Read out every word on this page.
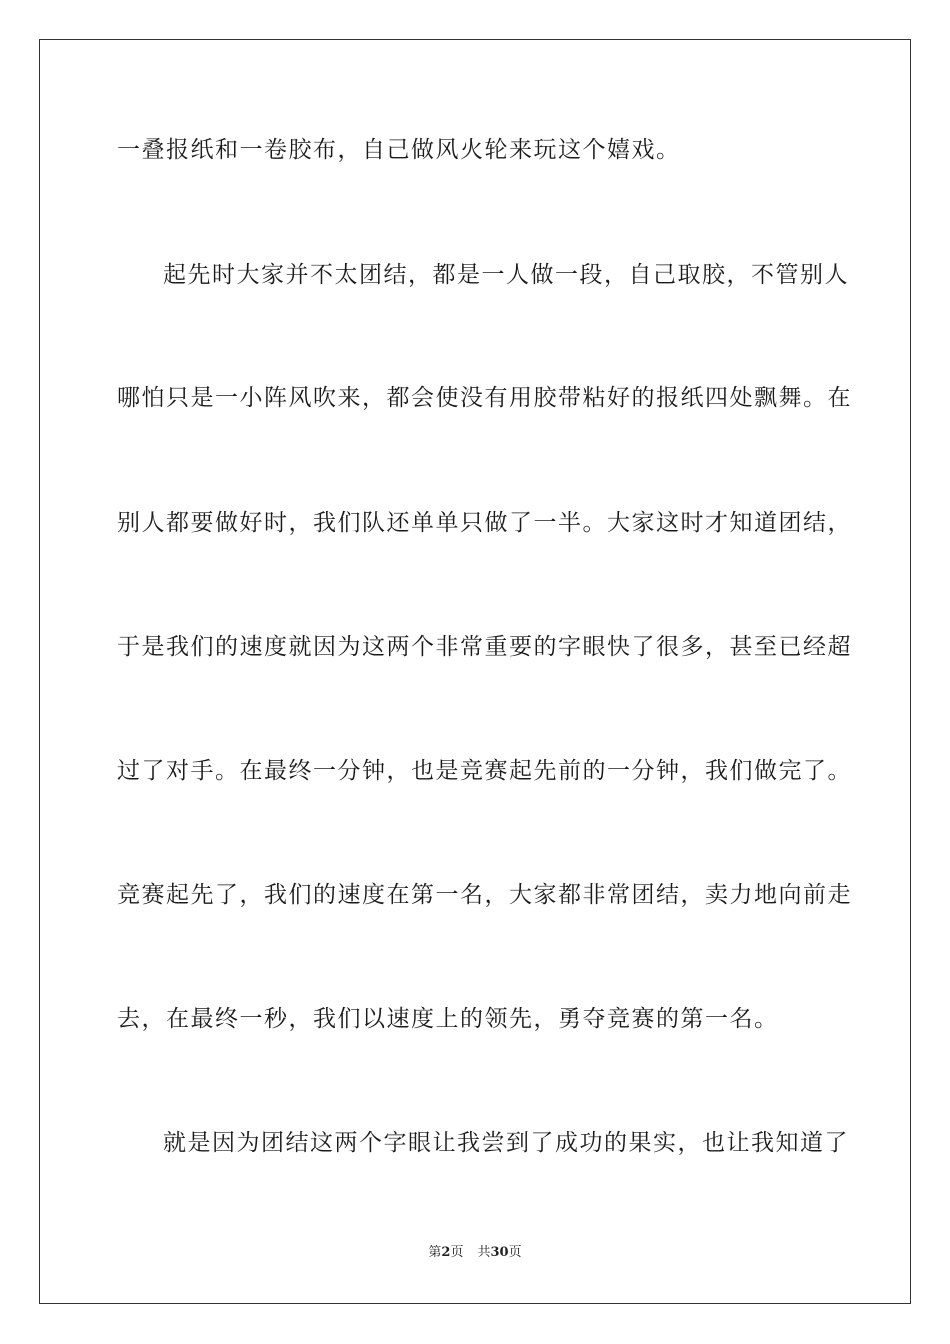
一叠报纸和一卷胶布，自己做风火轮来玩这个嬉戏。
起先时大家并不太团结，都是一人做一段，自己取胶，不管别人
哪怕只是一小阵风吹来，都会使没有用胶带粘好的报纸四处飘舞。在
别人都要做好时，我们队还单单只做了一半。大家这时才知道团结，
于是我们的速度就因为这两个非常重要的字眼快了很多，甚至已经超
过了对手。在最终一分钟，也是竞赛起先前的一分钟，我们做完了。
竞赛起先了，我们的速度在第一名，大家都非常团结，卖力地向前走
去，在最终一秒，我们以速度上的领先，勇夺竞赛的第一名。
就是因为团结这两个字眼让我尝到了成功的果实，也让我知道了
第2页 共30页
